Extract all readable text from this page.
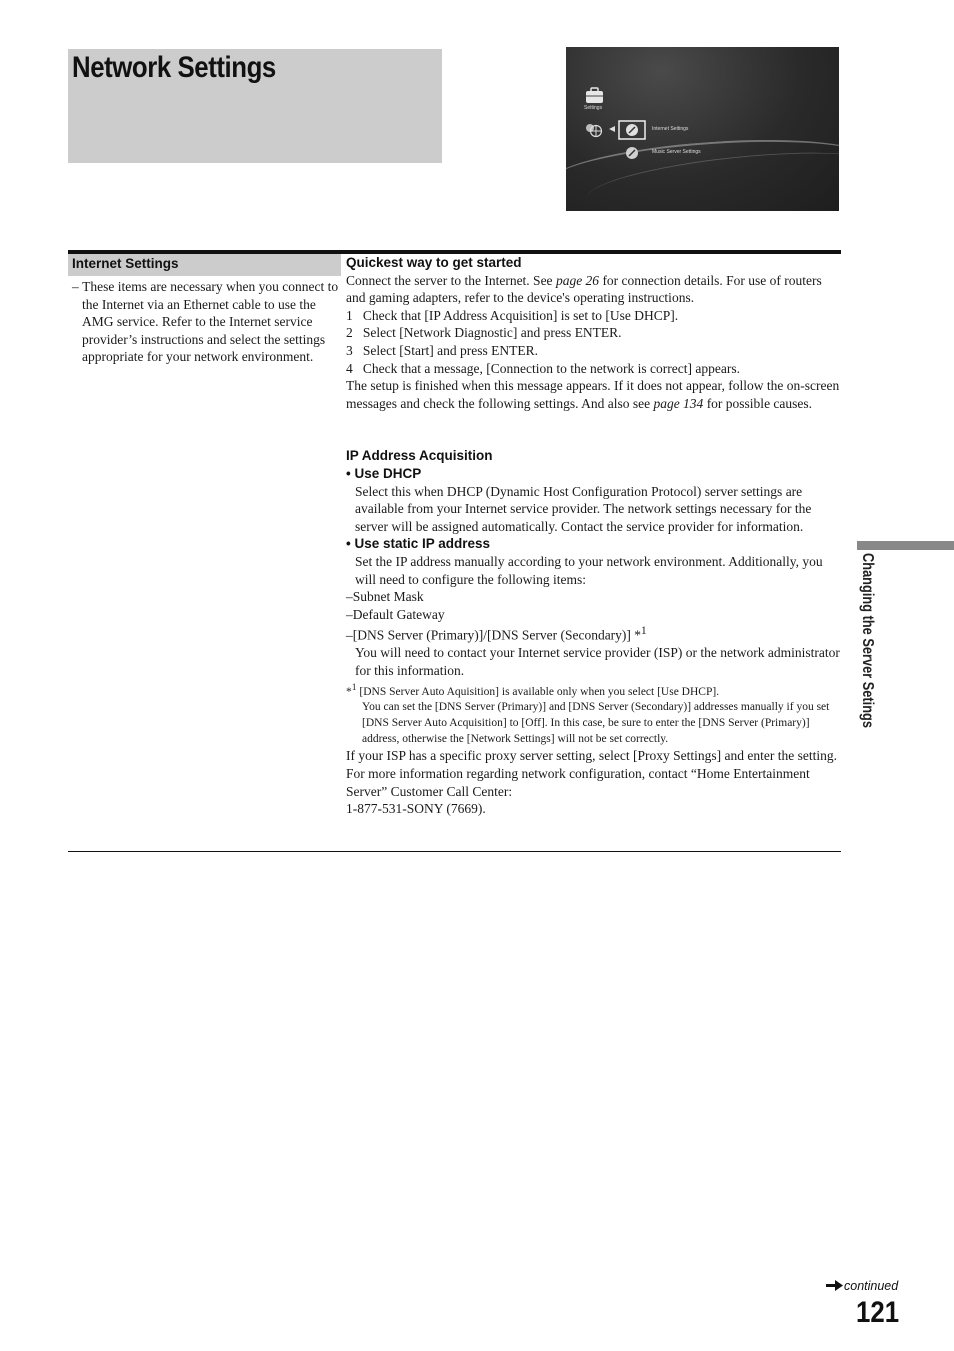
Network Settings
Settings
Internet Settings
Music Server Settings
Internet Settings

– These items are necessary when you connect to the Internet via an Ethernet cable to use the AMG service. Refer to the Internet service provider’s instructions and select the settings appropriate for your network environment.

Quickest way to get started

Connect the server to the Internet. See page 26 for connection details. For use of routers and gaming adapters, refer to the device's operating instructions.

1 Check that [IP Address Acquisition] is set to [Use DHCP].

2 Select [Network Diagnostic] and press ENTER.

3 Select [Start] and press ENTER.

4 Check that a message, [Connection to the network is correct] appears.

The setup is finished when this message appears. If it does not appear, follow the on-screen messages and check the following settings. And also see page 134 for possible causes.

IP Address Acquisition

• Use DHCP

Select this when DHCP (Dynamic Host Configuration Protocol) server settings are available from your Internet service provider. The network settings necessary for the server will be assigned automatically. Contact the service provider for information.

• Use static IP address

Set the IP address manually according to your network environment. Additionally, you will need to configure the following items:

–Subnet Mask

–Default Gateway

–[DNS Server (Primary)]/[DNS Server (Secondary)] *$^1$

You will need to contact your Internet service provider (ISP) or the network administrator for this information.

*$^1$ [DNS Server Auto Aquisition] is available only when you select [Use DHCP].

You can set the [DNS Server (Primary)] and [DNS Server (Secondary)] addresses manually if you set [DNS Server Auto Acquisition] to [Off]. In this case, be sure to enter the [DNS Server (Primary)] address, otherwise the [Network Settings] will not be set correctly.

If your ISP has a specific proxy server setting, select [Proxy Settings] and enter the setting.

For more information regarding network configuration, contact “Home Entertainment Server” Customer Call Center:

1-877-531-SONY (7669).

Changing the Server Setings
continued
121
